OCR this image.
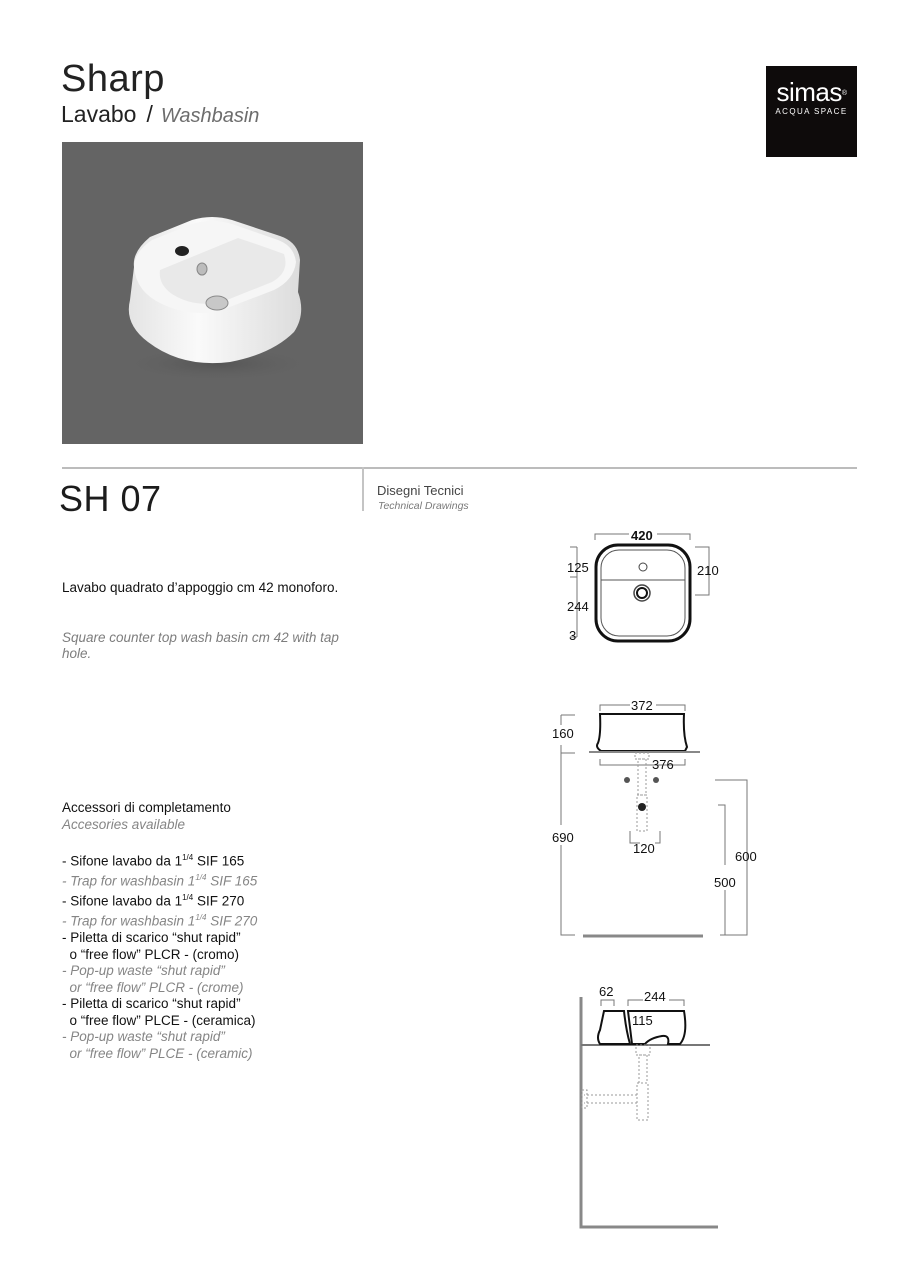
Sharp
Lavabo / Washbasin
simas®
ACQUA SPACE
SH 07	Disegni Tecnici
Technical Drawings
Lavabo quadrato d’appoggio cm 42 monoforo.
Square counter top wash basin cm 42 with tap hole.
Accessori di completamento
Accesories available
- Sifone lavabo da $1^{1/4}$ SIF 165
- Trap for washbasin $1^{1/4}$ SIF 165
- Sifone lavabo da $1^{1/4}$ SIF 270
- Trap for washbasin $1^{1/4}$ SIF 270
- Piletta di scarico “shut rapid”
o “free flow” PLCR - (cromo)
- Pop-up waste “shut rapid”
or “free flow” PLCR - (crome)
- Piletta di scarico “shut rapid”
o “free flow” PLCE - (ceramica)
- Pop-up waste “shut rapid”
or “free flow” PLCE - (ceramic)
420
125
244
3
210
372
160
376
690
120
600
500
62 244
115
